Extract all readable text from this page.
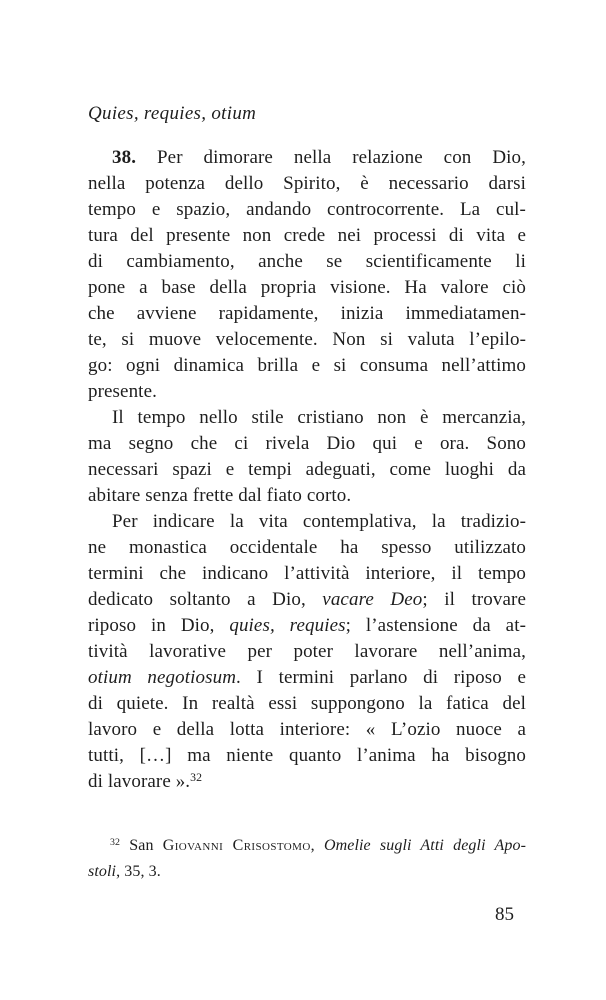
Quies, requies, otium
38. Per dimorare nella relazione con Dio,
nella potenza dello Spirito, è necessario darsi
tempo e spazio, andando controcorrente. La cul-
tura del presente non crede nei processi di vita e
di cambiamento, anche se scientificamente li
pone a base della propria visione. Ha valore ciò
che avviene rapidamente, inizia immediatamen-
te, si muove velocemente. Non si valuta l’epilo-
go: ogni dinamica brilla e si consuma nell’attimo
presente.
Il tempo nello stile cristiano non è mercanzia,
ma segno che ci rivela Dio qui e ora. Sono
necessari spazi e tempi adeguati, come luoghi da
abitare senza frette dal fiato corto.
Per indicare la vita contemplativa, la tradizio-
ne monastica occidentale ha spesso utilizzato
termini che indicano l’attività interiore, il tempo
dedicato soltanto a Dio, vacare Deo; il trovare
riposo in Dio, quies, requies; l’astensione da at-
tività lavorative per poter lavorare nell’anima,
otium negotiosum. I termini parlano di riposo e
di quiete. In realtà essi suppongono la fatica del
lavoro e della lotta interiore: « L’ozio nuoce a
tutti, […] ma niente quanto l’anima ha bisogno
di lavorare ».$^{32}$
$^{32}$ San Giovanni Crisostomo, Omelie sugli Atti degli Apo-
stoli, 35, 3.
85
